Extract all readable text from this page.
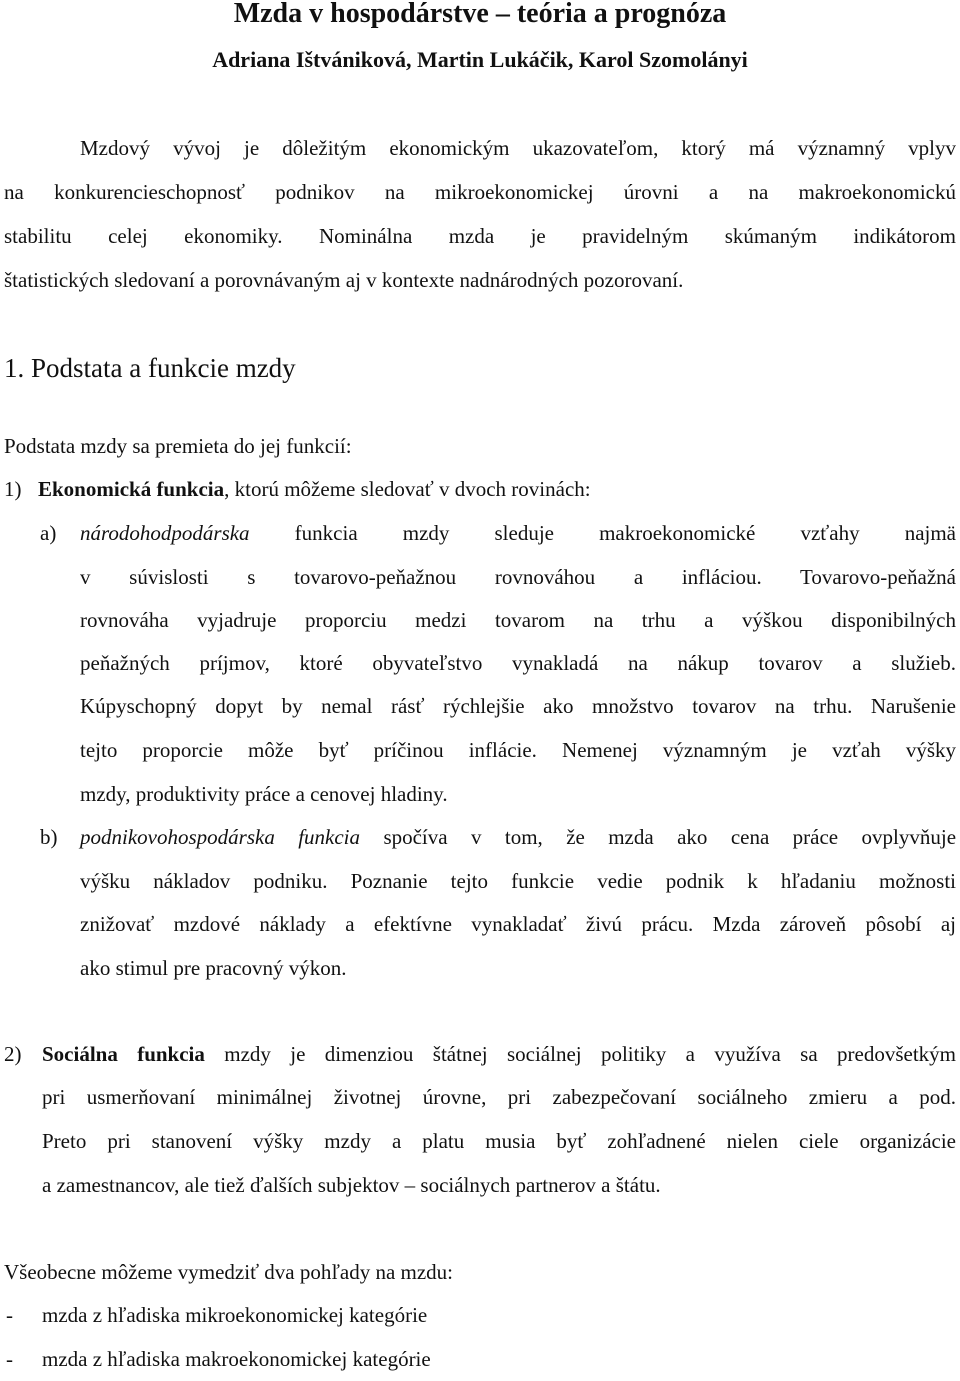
Mzda v hospodárstve – teória a prognóza
Adriana Ištvániková, Martin Lukáčik, Karol Szomolányi
Mzdový vývoj je dôležitým ekonomickým ukazovateľom, ktorý má významný vplyv
na konkurencieschopnosť podnikov na mikroekonomickej úrovni a na makroekonomickú
stabilitu celej ekonomiky. Nominálna mzda je pravidelným skúmaným indikátorom
štatistických sledovaní a porovnávaným aj v kontexte nadnárodných pozorovaní.
1. Podstata a funkcie mzdy
Podstata mzdy sa premieta do jej funkcií:
1) Ekonomická funkcia, ktorú môžeme sledovať v dvoch rovinách:
a) národohodpodárska funkcia mzdy sleduje makroekonomické vzťahy najmä
v súvislosti s tovarovo-peňažnou rovnováhou a infláciou. Tovarovo-peňažná
rovnováha vyjadruje proporciu medzi tovarom na trhu a výškou disponibilných
peňažných príjmov, ktoré obyvateľstvo vynakladá na nákup tovarov a služieb.
Kúpyschopný dopyt by nemal rásť rýchlejšie ako množstvo tovarov na trhu. Narušenie
tejto proporcie môže byť príčinou inflácie. Nemenej významným je vzťah výšky
mzdy, produktivity práce a cenovej hladiny.
b) podnikovohospodárska funkcia spočíva v tom, že mzda ako cena práce ovplyvňuje
výšku nákladov podniku. Poznanie tejto funkcie vedie podnik k hľadaniu možnosti
znižovať mzdové náklady a efektívne vynakladať živú prácu. Mzda zároveň pôsobí aj
ako stimul pre pracovný výkon.
2) Sociálna funkcia mzdy je dimenziou štátnej sociálnej politiky a využíva sa predovšetkým
pri usmerňovaní minimálnej životnej úrovne, pri zabezpečovaní sociálneho zmieru a pod.
Preto pri stanovení výšky mzdy a platu musia byť zohľadnené nielen ciele organizácie
a zamestnancov, ale tiež ďalších subjektov – sociálnych partnerov a štátu.
Všeobecne môžeme vymedziť dva pohľady na mzdu:
- mzda z hľadiska mikroekonomickej kategórie
- mzda z hľadiska makroekonomickej kategórie
